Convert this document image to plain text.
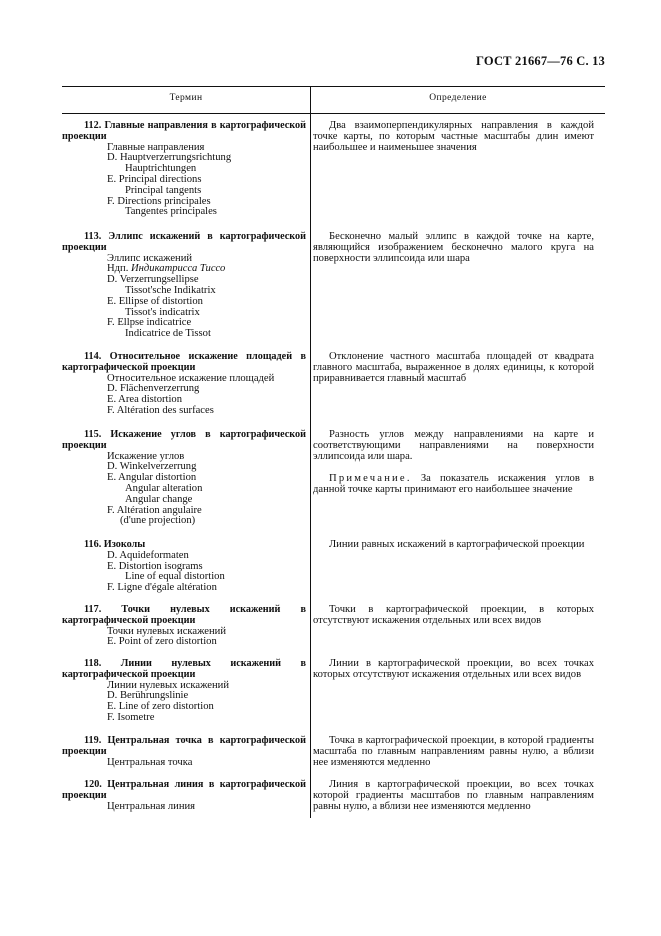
ГОСТ 21667—76 С. 13
Термин	Определение
112. Главные направления в картографической проекции
Главные направления
D. Hauptverzerrungsrichtung
Hauptrichtungen
E. Principal directions
Principal tangents
F. Directions principales
Tangentes principales

Два взаимоперпендикулярных направления в каждой точке карты, по которым частные масштабы длин имеют наибольшее и наименьшее значения

113. Эллипс искажений в картографической проекции
Эллипс искажений
Ндп. Индикатрисса Тиссо
D. Verzerrungsellipse
Tissot'sche Indikatrix
E. Ellipse of distortion
Tissot's indicatrix
F. Ellpse indicatrice
Indicatrice de Tissot

Бесконечно малый эллипс в каждой точке на карте, являющийся изображением бесконечно малого круга на поверхности эллипсоида или шара

114. Относительное искажение площадей в картографической проекции
Относительное искажение площадей
D. Flächenverzerrung
E. Area distortion
F. Altération des surfaces

Отклонение частного масштаба площадей от квадрата главного масштаба, выраженное в долях единицы, к которой приравнивается главный масштаб

115. Искажение углов в картографической проекции
Искажение углов
D. Winkelverzerrung
E. Angular distortion
Angular alteration
Angular change
F. Altération angulaire
(d'une projection)

Разность углов между направлениями на карте и соответствующими направлениями на поверхности эллипсоида или шара.

Примечание. За показатель искажения углов в данной точке карты принимают его наибольшее значение

116. Изоколы
D. Aquideformaten
E. Distortion isograms
Line of equal distortion
F. Ligne d'égale altération

Линии равных искажений в картографической проекции

117. Точки нулевых искажений в картографической проекции
Точки нулевых искажений
E. Point of zero distortion

Точки в картографической проекции, в которых отсутствуют искажения отдельных или всех видов

118. Линии нулевых искажений в картографической проекции
Линии нулевых искажений
D. Berührungslinie
E. Line of zero distortion
F. Isometre

Линии в картографической проекции, во всех точках которых отсутствуют искажения отдельных или всех видов

119. Центральная точка в картографической проекции
Центральная точка

Точка в картографической проекции, в которой градиенты масштаба по главным направлениям равны нулю, а вблизи нее изменяются медленно

120. Центральная линия в картографической проекции
Центральная линия

Линия в картографической проекции, во всех точках которой градиенты масштабов по главным направлениям равны нулю, а вблизи нее изменяются медленно
